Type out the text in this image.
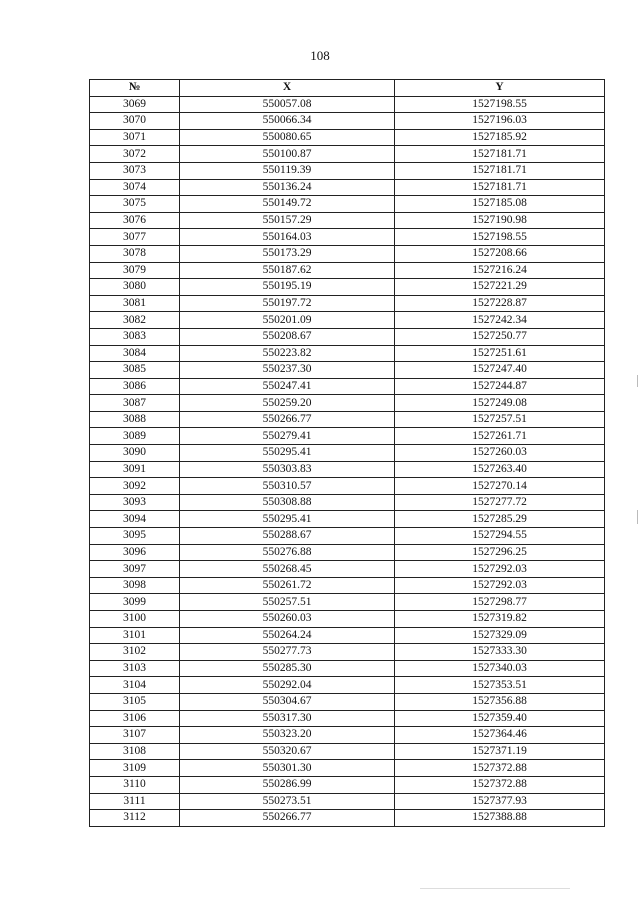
108
№	X	Y
3069	550057.08	1527198.55
3070	550066.34	1527196.03
3071	550080.65	1527185.92
3072	550100.87	1527181.71
3073	550119.39	1527181.71
3074	550136.24	1527181.71
3075	550149.72	1527185.08
3076	550157.29	1527190.98
3077	550164.03	1527198.55
3078	550173.29	1527208.66
3079	550187.62	1527216.24
3080	550195.19	1527221.29
3081	550197.72	1527228.87
3082	550201.09	1527242.34
3083	550208.67	1527250.77
3084	550223.82	1527251.61
3085	550237.30	1527247.40
3086	550247.41	1527244.87
3087	550259.20	1527249.08
3088	550266.77	1527257.51
3089	550279.41	1527261.71
3090	550295.41	1527260.03
3091	550303.83	1527263.40
3092	550310.57	1527270.14
3093	550308.88	1527277.72
3094	550295.41	1527285.29
3095	550288.67	1527294.55
3096	550276.88	1527296.25
3097	550268.45	1527292.03
3098	550261.72	1527292.03
3099	550257.51	1527298.77
3100	550260.03	1527319.82
3101	550264.24	1527329.09
3102	550277.73	1527333.30
3103	550285.30	1527340.03
3104	550292.04	1527353.51
3105	550304.67	1527356.88
3106	550317.30	1527359.40
3107	550323.20	1527364.46
3108	550320.67	1527371.19
3109	550301.30	1527372.88
3110	550286.99	1527372.88
3111	550273.51	1527377.93
3112	550266.77	1527388.88
